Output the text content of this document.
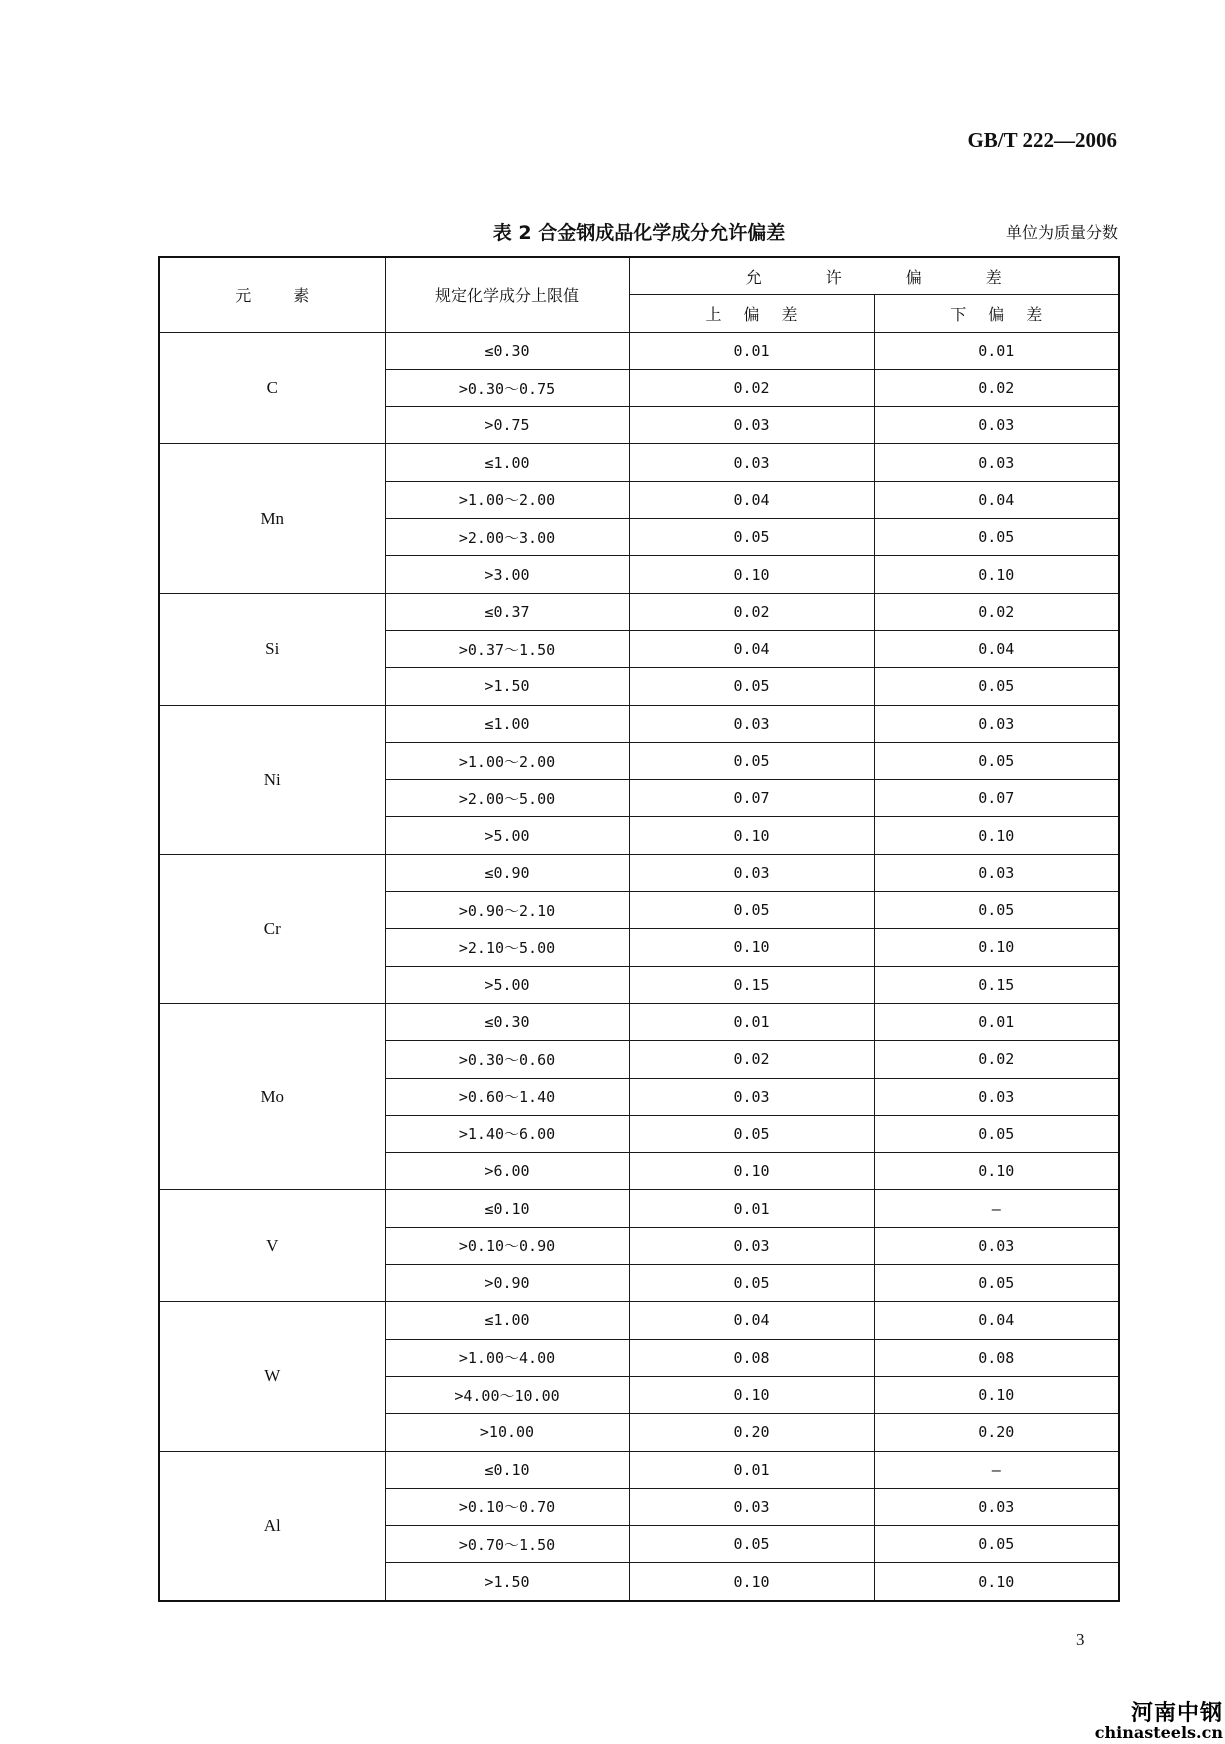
GB/T 222—2006
表 2 合金钢成品化学成分允许偏差	单位为质量分数
元素	规定化学成分上限值	允许偏差	
		上偏差	下偏差
C	≤0.30	0.01	0.01
	>0.30～0.75	0.02	0.02
	>0.75	0.03	0.03
Mn	≤1.00	0.03	0.03
	>1.00～2.00	0.04	0.04
	>2.00～3.00	0.05	0.05
	>3.00	0.10	0.10
Si	≤0.37	0.02	0.02
	>0.37～1.50	0.04	0.04
	>1.50	0.05	0.05
Ni	≤1.00	0.03	0.03
	>1.00～2.00	0.05	0.05
	>2.00～5.00	0.07	0.07
	>5.00	0.10	0.10
Cr	≤0.90	0.03	0.03
	>0.90～2.10	0.05	0.05
	>2.10～5.00	0.10	0.10
	>5.00	0.15	0.15
Mo	≤0.30	0.01	0.01
	>0.30～0.60	0.02	0.02
	>0.60～1.40	0.03	0.03
	>1.40～6.00	0.05	0.05
	>6.00	0.10	0.10
V	≤0.10	0.01	—
	>0.10～0.90	0.03	0.03
	>0.90	0.05	0.05
W	≤1.00	0.04	0.04
	>1.00～4.00	0.08	0.08
	>4.00～10.00	0.10	0.10
	>10.00	0.20	0.20
Al	≤0.10	0.01	—
	>0.10～0.70	0.03	0.03
	>0.70～1.50	0.05	0.05
	>1.50	0.10	0.10
3
河南中钢
chinasteels.cn
